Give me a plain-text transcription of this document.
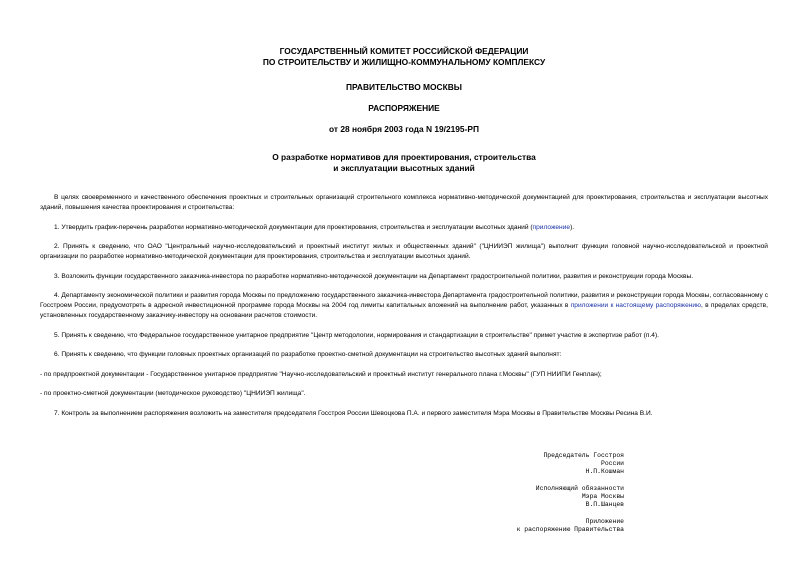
ГОСУДАРСТВЕННЫЙ КОМИТЕТ РОССИЙСКОЙ ФЕДЕРАЦИИ
ПО СТРОИТЕЛЬСТВУ И ЖИЛИЩНО-КОММУНАЛЬНОМУ КОМПЛЕКСУ
ПРАВИТЕЛЬСТВО МОСКВЫ
РАСПОРЯЖЕНИЕ
от 28 ноября 2003 года N 19/2195-РП
О разработке нормативов для проектирования, строительства
и эксплуатации высотных зданий

В целях своевременного и качественного обеспечения проектных и строительных организаций строительного комплекса нормативно-методической документацией для проектирования, строительства и эксплуатации высотных зданий, повышения качества проектирования и строительства:

1. Утвердить график-перечень разработки нормативно-методической документации для проектирования, строительства и эксплуатации высотных зданий (приложение).

2. Принять к сведению, что ОАО "Центральный научно-исследовательский и проектный институт жилых и общественных зданий" ("ЦНИИЭП жилища") выполнит функции головной научно-исследовательской и проектной организации по разработке нормативно-методической документации для проектирования, строительства и эксплуатации высотных зданий.

3. Возложить функции государственного заказчика-инвестора по разработке нормативно-методической документации на Департамент градостроительной политики, развития и реконструкции города Москвы.

4. Департаменту экономической политики и развития города Москвы по предложению государственного заказчика-инвестора Департамента градостроительной политики, развития и реконструкции города Москвы, согласованному с Госстроем России, предусмотреть в адресной инвестиционной программе города Москвы на 2004 год лимиты капитальных вложений на выполнение работ, указанных в приложении к настоящему распоряжению, в пределах средств, установленных государственному заказчику-инвестору на основании расчетов стоимости.

5. Принять к сведению, что Федеральное государственное унитарное предприятие "Центр методологии, нормирования и стандартизации в строительстве" примет участие в экспертизе работ (п.4).

6. Принять к сведению, что функции головных проектных организаций по разработке проектно-сметной документации на строительство высотных зданий выполнят:

- по предпроектной документации - Государственное унитарное предприятие "Научно-исследовательский и проектный институт генерального плана г.Москвы" (ГУП НИИПИ Генплан);

- по проектно-сметной документации (методическое руководство) "ЦНИИЭП жилища".

7. Контроль за выполнением распоряжения возложить на заместителя председателя Госстроя России Шевоцкова П.А. и первого заместителя Мэра Москвы в Правительстве Москвы Ресина В.И.

Председатель Госстроя
России
Н.П.Кошман
Исполняющий обязанности
Мэра Москвы
В.П.Шанцев
Приложение
к распоряжению Правительства
